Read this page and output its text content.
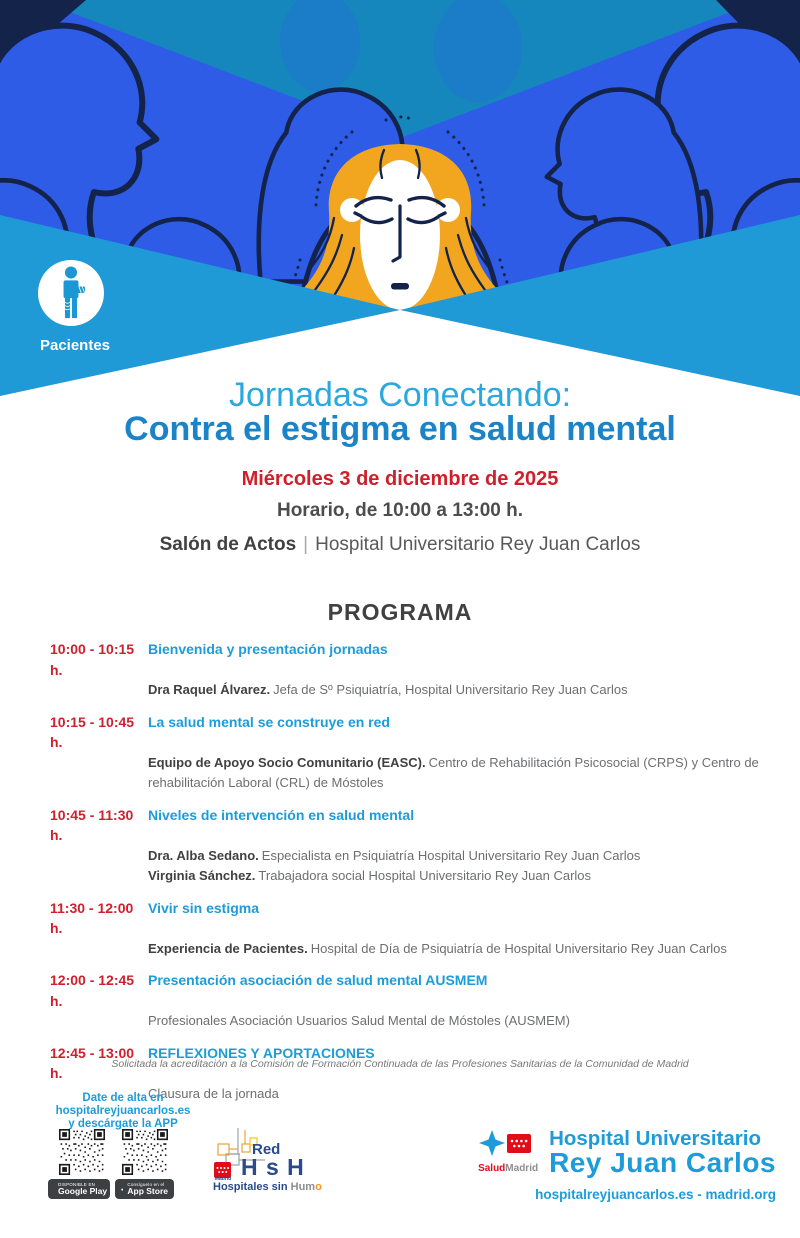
Pacientes
Jornadas Conectando:
Contra el estigma en salud mental
Miércoles 3 de diciembre de 2025
Horario, de 10:00 a 13:00 h.
Salón de Actos | Hospital Universitario Rey Juan Carlos
PROGRAMA
10:00 - 10:15 h.
Bienvenida y presentación jornadas
Dra Raquel Álvarez. Jefa de Sº Psiquiatría, Hospital Universitario Rey Juan Carlos
10:15 - 10:45 h.
La salud mental se construye en red
Equipo de Apoyo Socio Comunitario (EASC). Centro de Rehabilitación Psicosocial (CRPS) y Centro de rehabilitación Laboral (CRL) de Móstoles
10:45 - 11:30 h.
Niveles de intervención en salud mental
Dra. Alba Sedano. Especialista en Psiquiatría Hospital Universitario Rey Juan Carlos
Virginia Sánchez. Trabajadora social Hospital Universitario Rey Juan Carlos
11:30 - 12:00 h.
Vivir sin estigma
Experiencia de Pacientes. Hospital de Día de Psiquiatría de Hospital Universitario Rey Juan Carlos
12:00 - 12:45 h.
Presentación asociación de salud mental AUSMEM
Profesionales Asociación Usuarios Salud Mental de Móstoles (AUSMEM)
12:45 - 13:00 h.
REFLEXIONES Y APORTACIONES
Clausura de la jornada
Solicitada la acreditación a la Comisión de Formación Continuada de las Profesiones Sanitarias de la Comunidad de Madrid
Date de alta en hospitalreyjuancarlos.es
y descárgate la APP
DISPONIBLE EN
Google Play
Consíguelo en el
App Store
Madrid
Red
H s H
Hospitales sin Humo
SaludMadrid
Hospital Universitario
Rey Juan Carlos
hospitalreyjuancarlos.es - madrid.org
